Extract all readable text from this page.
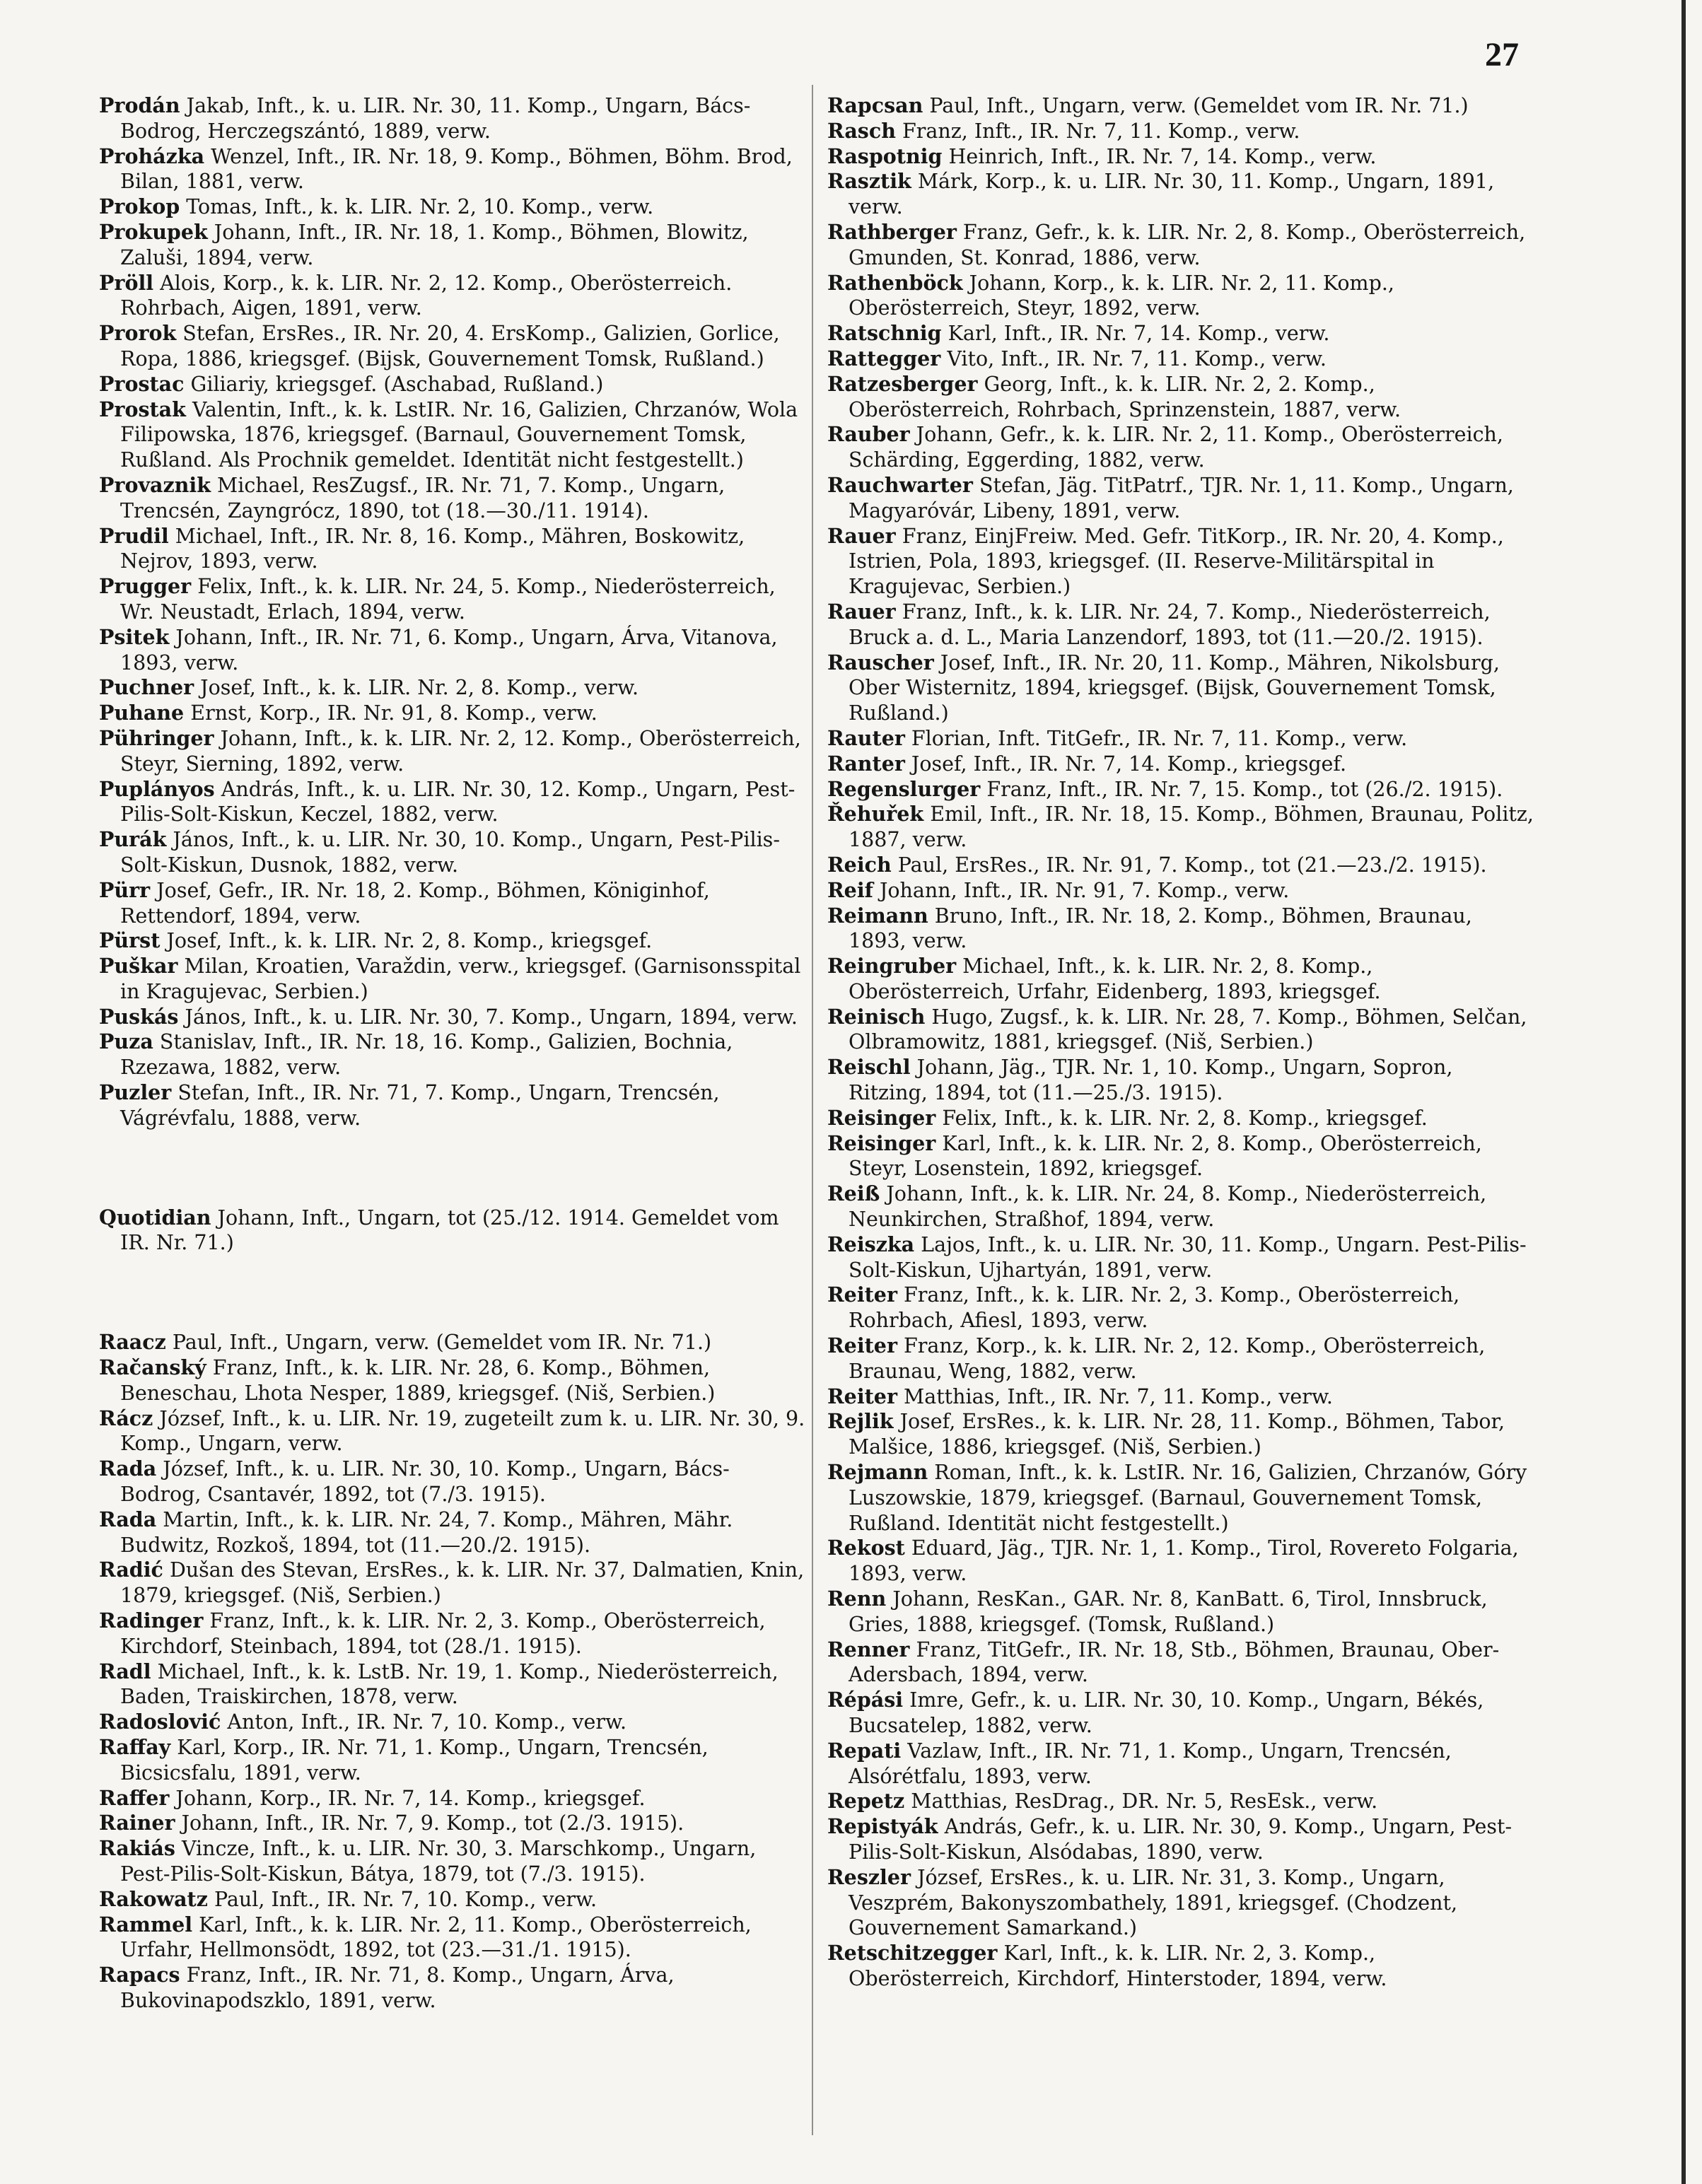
27

Prodán Jakab, Inft., k. u. LIR. Nr. 30, 11. Komp., Ungarn, Bács-Bodrog, Herczegszántó, 1889, verw.

Proházka Wenzel, Inft., IR. Nr. 18, 9. Komp., Böhmen, Böhm. Brod, Bilan, 1881, verw.

Prokop Tomas, Inft., k. k. LIR. Nr. 2, 10. Komp., verw.

Prokupek Johann, Inft., IR. Nr. 18, 1. Komp., Böhmen, Blowitz, Zaluši, 1894, verw.

Pröll Alois, Korp., k. k. LIR. Nr. 2, 12. Komp., Oberösterreich. Rohrbach, Aigen, 1891, verw.

Prorok Stefan, ErsRes., IR. Nr. 20, 4. ErsKomp., Galizien, Gorlice, Ropa, 1886, kriegsgef. (Bijsk, Gouvernement Tomsk, Rußland.)

Prostac Giliariy, kriegsgef. (Aschabad, Rußland.)

Prostak Valentin, Inft., k. k. LstIR. Nr. 16, Galizien, Chrzanów, Wola Filipowska, 1876, kriegsgef. (Barnaul, Gouvernement Tomsk, Rußland. Als Prochnik gemeldet. Identität nicht festgestellt.)

Provaznik Michael, ResZugsf., IR. Nr. 71, 7. Komp., Ungarn, Trencsén, Zayngrócz, 1890, tot (18.—30./11. 1914).

Prudil Michael, Inft., IR. Nr. 8, 16. Komp., Mähren, Boskowitz, Nejrov, 1893, verw.

Prugger Felix, Inft., k. k. LIR. Nr. 24, 5. Komp., Niederösterreich, Wr. Neustadt, Erlach, 1894, verw.

Psitek Johann, Inft., IR. Nr. 71, 6. Komp., Ungarn, Árva, Vitanova, 1893, verw.

Puchner Josef, Inft., k. k. LIR. Nr. 2, 8. Komp., verw.

Puhane Ernst, Korp., IR. Nr. 91, 8. Komp., verw.

Pühringer Johann, Inft., k. k. LIR. Nr. 2, 12. Komp., Oberösterreich, Steyr, Sierning, 1892, verw.

Puplányos András, Inft., k. u. LIR. Nr. 30, 12. Komp., Ungarn, Pest-Pilis-Solt-Kiskun, Keczel, 1882, verw.

Purák János, Inft., k. u. LIR. Nr. 30, 10. Komp., Ungarn, Pest-Pilis-Solt-Kiskun, Dusnok, 1882, verw.

Pürr Josef, Gefr., IR. Nr. 18, 2. Komp., Böhmen, Königinhof, Rettendorf, 1894, verw.

Pürst Josef, Inft., k. k. LIR. Nr. 2, 8. Komp., kriegsgef.

Puškar Milan, Kroatien, Varaždin, verw., kriegsgef. (Garnisonsspital in Kragujevac, Serbien.)

Puskás János, Inft., k. u. LIR. Nr. 30, 7. Komp., Ungarn, 1894, verw.

Puza Stanislav, Inft., IR. Nr. 18, 16. Komp., Galizien, Bochnia, Rzezawa, 1882, verw.

Puzler Stefan, Inft., IR. Nr. 71, 7. Komp., Ungarn, Trencsén, Vágrévfalu, 1888, verw.

Quotidian Johann, Inft., Ungarn, tot (25./12. 1914. Gemeldet vom IR. Nr. 71.)

Raacz Paul, Inft., Ungarn, verw. (Gemeldet vom IR. Nr. 71.)

Račanský Franz, Inft., k. k. LIR. Nr. 28, 6. Komp., Böhmen, Beneschau, Lhota Nesper, 1889, kriegsgef. (Niš, Serbien.)

Rácz József, Inft., k. u. LIR. Nr. 19, zugeteilt zum k. u. LIR. Nr. 30, 9. Komp., Ungarn, verw.

Rada József, Inft., k. u. LIR. Nr. 30, 10. Komp., Ungarn, Bács-Bodrog, Csantavér, 1892, tot (7./3. 1915).

Rada Martin, Inft., k. k. LIR. Nr. 24, 7. Komp., Mähren, Mähr. Budwitz, Rozkoš, 1894, tot (11.—20./2. 1915).

Radić Dušan des Stevan, ErsRes., k. k. LIR. Nr. 37, Dalmatien, Knin, 1879, kriegsgef. (Niš, Serbien.)

Radinger Franz, Inft., k. k. LIR. Nr. 2, 3. Komp., Oberösterreich, Kirchdorf, Steinbach, 1894, tot (28./1. 1915).

Radl Michael, Inft., k. k. LstB. Nr. 19, 1. Komp., Niederösterreich, Baden, Traiskirchen, 1878, verw.

Radoslović Anton, Inft., IR. Nr. 7, 10. Komp., verw.

Raffay Karl, Korp., IR. Nr. 71, 1. Komp., Ungarn, Trencsén, Bicsicsfalu, 1891, verw.

Raffer Johann, Korp., IR. Nr. 7, 14. Komp., kriegsgef.

Rainer Johann, Inft., IR. Nr. 7, 9. Komp., tot (2./3. 1915).

Rakiás Vincze, Inft., k. u. LIR. Nr. 30, 3. Marschkomp., Ungarn, Pest-Pilis-Solt-Kiskun, Bátya, 1879, tot (7./3. 1915).

Rakowatz Paul, Inft., IR. Nr. 7, 10. Komp., verw.

Rammel Karl, Inft., k. k. LIR. Nr. 2, 11. Komp., Oberösterreich, Urfahr, Hellmonsödt, 1892, tot (23.—31./1. 1915).

Rapacs Franz, Inft., IR. Nr. 71, 8. Komp., Ungarn, Árva, Bukovinapodszklo, 1891, verw.

Rapcsan Paul, Inft., Ungarn, verw. (Gemeldet vom IR. Nr. 71.)

Rasch Franz, Inft., IR. Nr. 7, 11. Komp., verw.

Raspotnig Heinrich, Inft., IR. Nr. 7, 14. Komp., verw.

Rasztik Márk, Korp., k. u. LIR. Nr. 30, 11. Komp., Ungarn, 1891, verw.

Rathberger Franz, Gefr., k. k. LIR. Nr. 2, 8. Komp., Oberösterreich, Gmunden, St. Konrad, 1886, verw.

Rathenböck Johann, Korp., k. k. LIR. Nr. 2, 11. Komp., Oberösterreich, Steyr, 1892, verw.

Ratschnig Karl, Inft., IR. Nr. 7, 14. Komp., verw.

Rattegger Vito, Inft., IR. Nr. 7, 11. Komp., verw.

Ratzesberger Georg, Inft., k. k. LIR. Nr. 2, 2. Komp., Oberösterreich, Rohrbach, Sprinzenstein, 1887, verw.

Rauber Johann, Gefr., k. k. LIR. Nr. 2, 11. Komp., Oberösterreich, Schärding, Eggerding, 1882, verw.

Rauchwarter Stefan, Jäg. TitPatrf., TJR. Nr. 1, 11. Komp., Ungarn, Magyaróvár, Libeny, 1891, verw.

Rauer Franz, EinjFreiw. Med. Gefr. TitKorp., IR. Nr. 20, 4. Komp., Istrien, Pola, 1893, kriegsgef. (II. Reserve-Militärspital in Kragujevac, Serbien.)

Rauer Franz, Inft., k. k. LIR. Nr. 24, 7. Komp., Niederösterreich, Bruck a. d. L., Maria Lanzendorf, 1893, tot (11.—20./2. 1915).

Rauscher Josef, Inft., IR. Nr. 20, 11. Komp., Mähren, Nikolsburg, Ober Wisternitz, 1894, kriegsgef. (Bijsk, Gouvernement Tomsk, Rußland.)

Rauter Florian, Inft. TitGefr., IR. Nr. 7, 11. Komp., verw.

Ranter Josef, Inft., IR. Nr. 7, 14. Komp., kriegsgef.

Regenslurger Franz, Inft., IR. Nr. 7, 15. Komp., tot (26./2. 1915).

Řehuřek Emil, Inft., IR. Nr. 18, 15. Komp., Böhmen, Braunau, Politz, 1887, verw.

Reich Paul, ErsRes., IR. Nr. 91, 7. Komp., tot (21.—23./2. 1915).

Reif Johann, Inft., IR. Nr. 91, 7. Komp., verw.

Reimann Bruno, Inft., IR. Nr. 18, 2. Komp., Böhmen, Braunau, 1893, verw.

Reingruber Michael, Inft., k. k. LIR. Nr. 2, 8. Komp., Oberösterreich, Urfahr, Eidenberg, 1893, kriegsgef.

Reinisch Hugo, Zugsf., k. k. LIR. Nr. 28, 7. Komp., Böhmen, Selčan, Olbramowitz, 1881, kriegsgef. (Niš, Serbien.)

Reischl Johann, Jäg., TJR. Nr. 1, 10. Komp., Ungarn, Sopron, Ritzing, 1894, tot (11.—25./3. 1915).

Reisinger Felix, Inft., k. k. LIR. Nr. 2, 8. Komp., kriegsgef.

Reisinger Karl, Inft., k. k. LIR. Nr. 2, 8. Komp., Oberösterreich, Steyr, Losenstein, 1892, kriegsgef.

Reiß Johann, Inft., k. k. LIR. Nr. 24, 8. Komp., Niederösterreich, Neunkirchen, Straßhof, 1894, verw.

Reiszka Lajos, Inft., k. u. LIR. Nr. 30, 11. Komp., Ungarn. Pest-Pilis-Solt-Kiskun, Ujhartyán, 1891, verw.

Reiter Franz, Inft., k. k. LIR. Nr. 2, 3. Komp., Oberösterreich, Rohrbach, Afiesl, 1893, verw.

Reiter Franz, Korp., k. k. LIR. Nr. 2, 12. Komp., Oberösterreich, Braunau, Weng, 1882, verw.

Reiter Matthias, Inft., IR. Nr. 7, 11. Komp., verw.

Rejlik Josef, ErsRes., k. k. LIR. Nr. 28, 11. Komp., Böhmen, Tabor, Malšice, 1886, kriegsgef. (Niš, Serbien.)

Rejmann Roman, Inft., k. k. LstIR. Nr. 16, Galizien, Chrzanów, Góry Luszowskie, 1879, kriegsgef. (Barnaul, Gouvernement Tomsk, Rußland. Identität nicht festgestellt.)

Rekost Eduard, Jäg., TJR. Nr. 1, 1. Komp., Tirol, Rovereto Folgaria, 1893, verw.

Renn Johann, ResKan., GAR. Nr. 8, KanBatt. 6, Tirol, Innsbruck, Gries, 1888, kriegsgef. (Tomsk, Rußland.)

Renner Franz, TitGefr., IR. Nr. 18, Stb., Böhmen, Braunau, Ober-Adersbach, 1894, verw.

Répási Imre, Gefr., k. u. LIR. Nr. 30, 10. Komp., Ungarn, Békés, Bucsatelep, 1882, verw.

Repati Vazlaw, Inft., IR. Nr. 71, 1. Komp., Ungarn, Trencsén, Alsórétfalu, 1893, verw.

Repetz Matthias, ResDrag., DR. Nr. 5, ResEsk., verw.

Repistyák András, Gefr., k. u. LIR. Nr. 30, 9. Komp., Ungarn, Pest-Pilis-Solt-Kiskun, Alsódabas, 1890, verw.

Reszler József, ErsRes., k. u. LIR. Nr. 31, 3. Komp., Ungarn, Veszprém, Bakonyszombathely, 1891, kriegsgef. (Chodzent, Gouvernement Samarkand.)

Retschitzegger Karl, Inft., k. k. LIR. Nr. 2, 3. Komp., Oberösterreich, Kirchdorf, Hinterstoder, 1894, verw.
